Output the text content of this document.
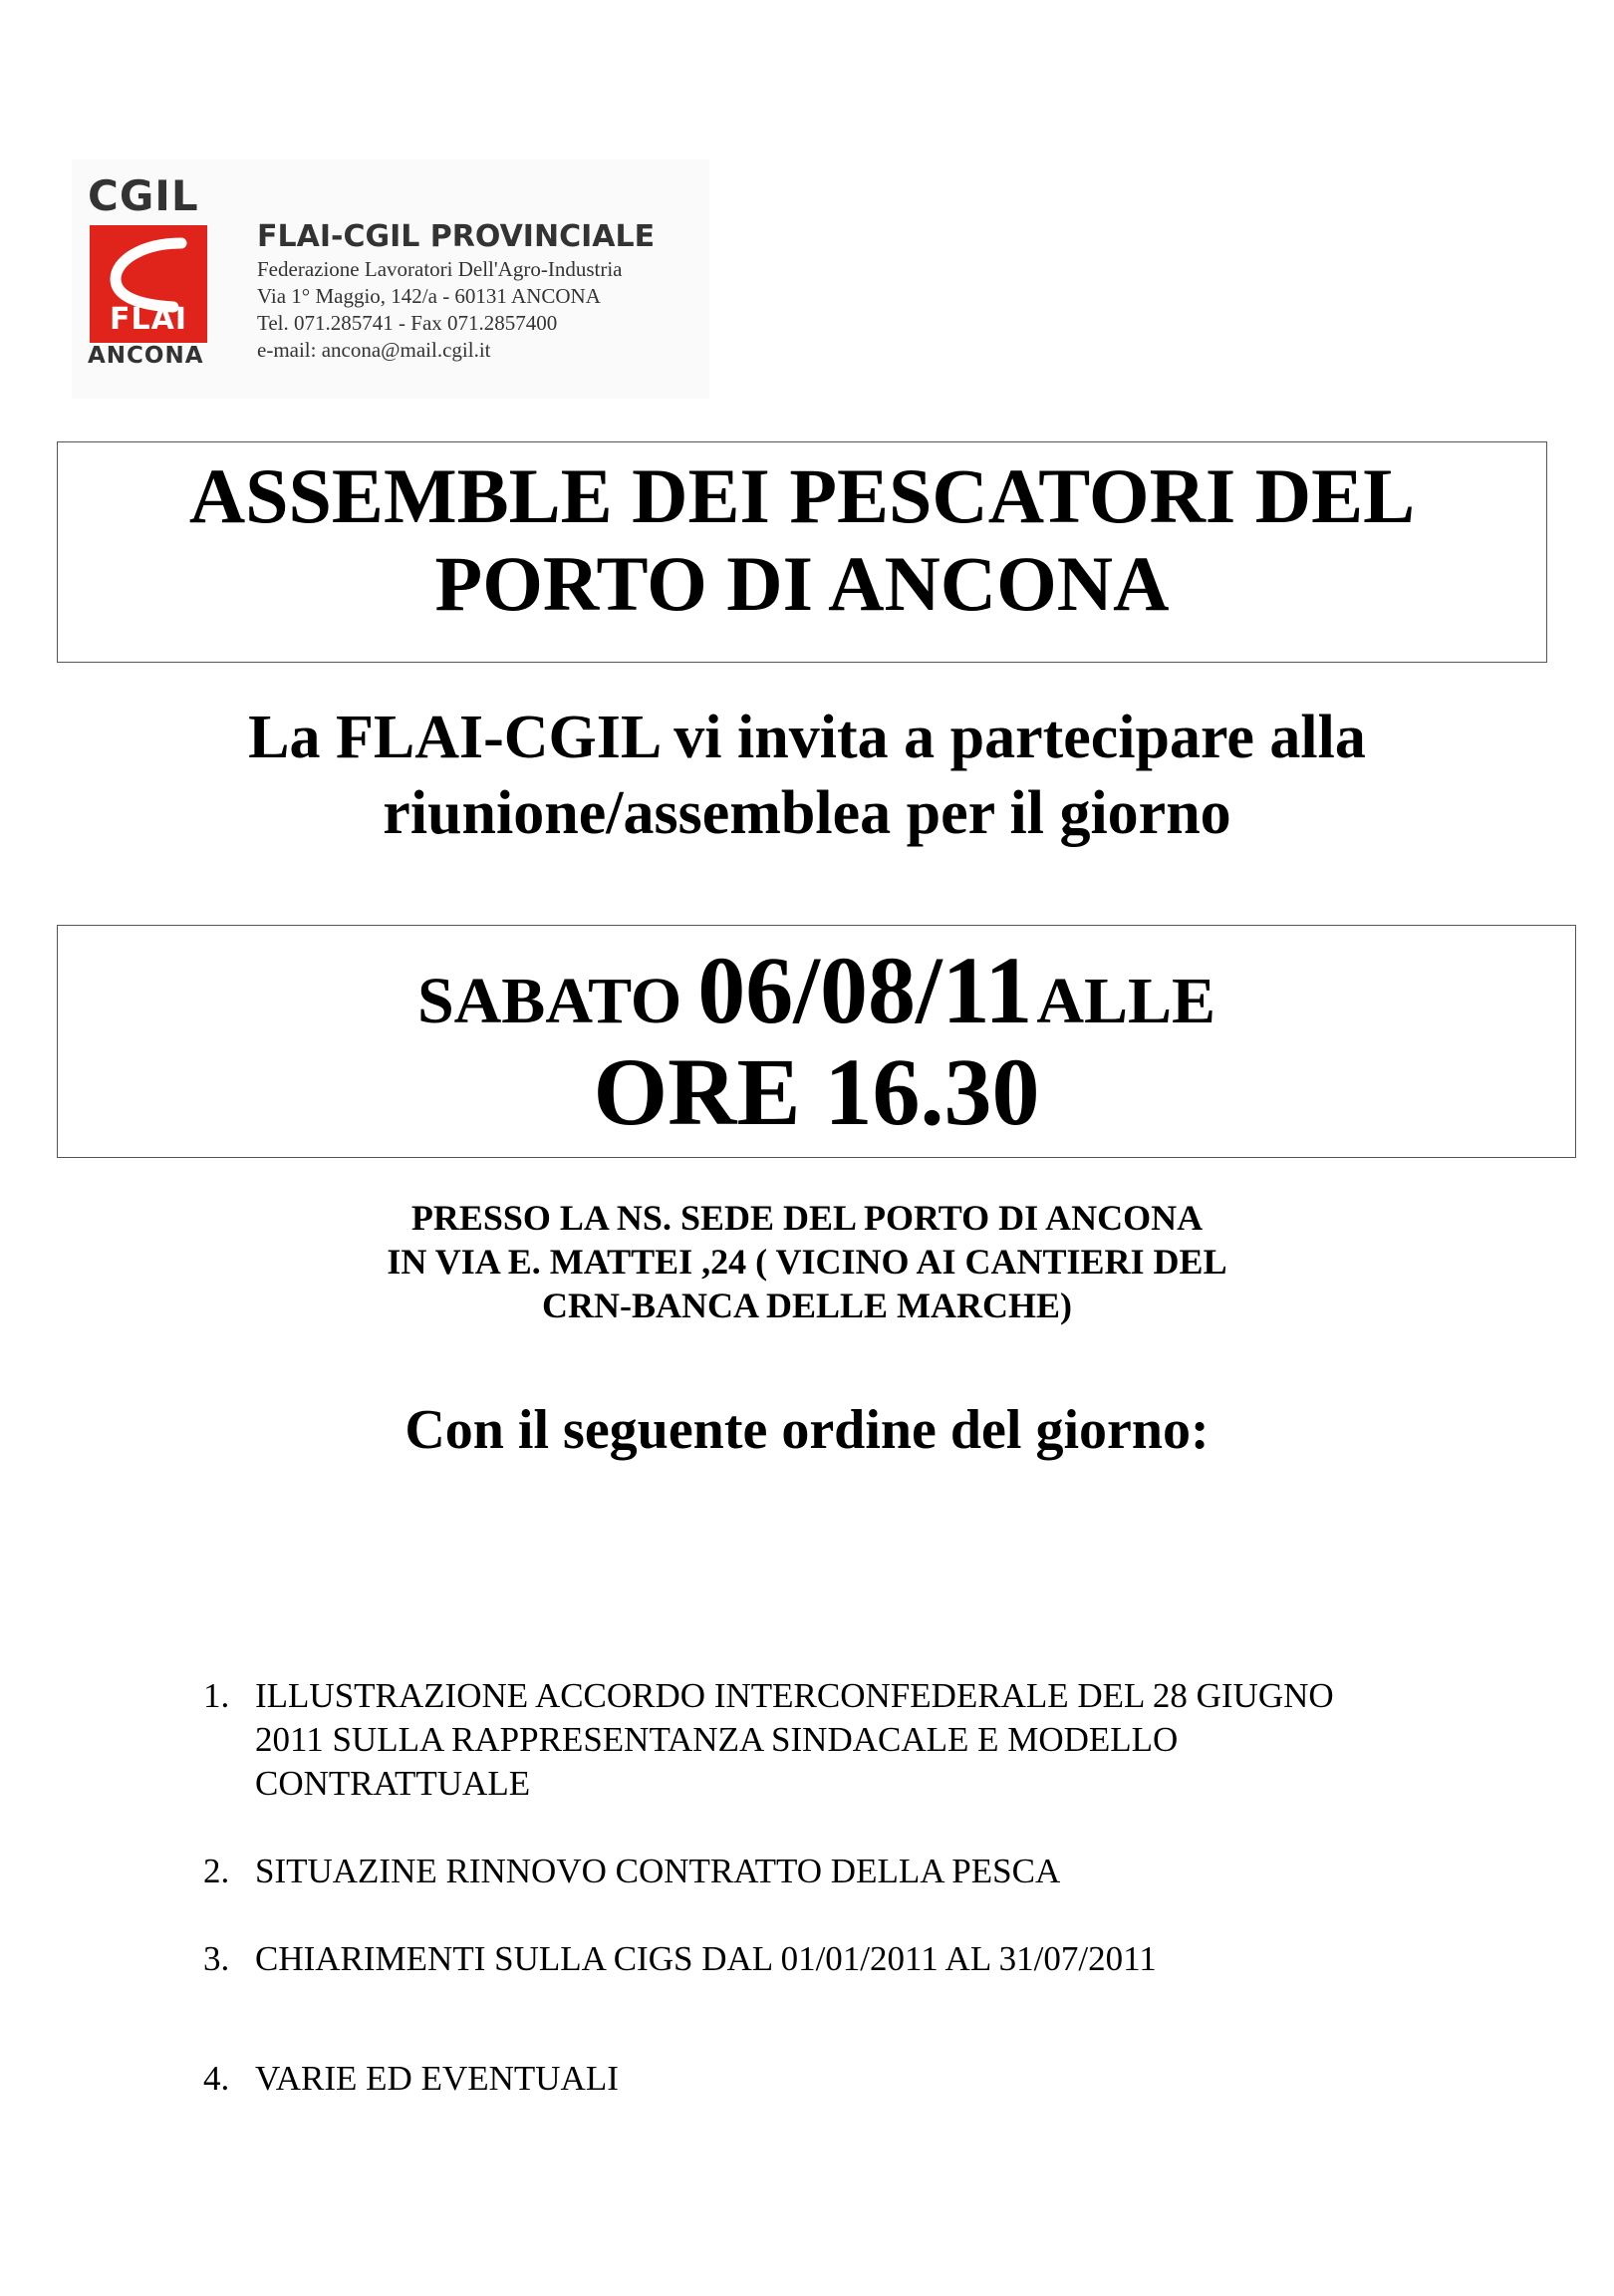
CGIL
FLAI
ANCONA
FLAI-CGIL PROVINCIALE
Federazione Lavoratori Dell'Agro-Industria
Via 1° Maggio, 142/a - 60131 ANCONA
Tel. 071.285741 - Fax 071.2857400
e-mail: ancona@mail.cgil.it
ASSEMBLE DEI PESCATORI DEL
PORTO DI ANCONA
La FLAI-CGIL vi invita a partecipare alla
riunione/assemblea per il giorno
SABATO 06/08/11 ALLE
ORE 16.30
PRESSO LA NS. SEDE DEL PORTO DI ANCONA
IN VIA E. MATTEI ,24 ( VICINO AI CANTIERI DEL
CRN-BANCA DELLE MARCHE)
Con il seguente ordine del giorno:
1. ILLUSTRAZIONE ACCORDO INTERCONFEDERALE DEL 28 GIUGNO
2011 SULLA RAPPRESENTANZA SINDACALE E MODELLO
CONTRATTUALE
2. SITUAZINE RINNOVO CONTRATTO DELLA PESCA
3. CHIARIMENTI SULLA CIGS DAL 01/01/2011 AL 31/07/2011
4. VARIE ED EVENTUALI
